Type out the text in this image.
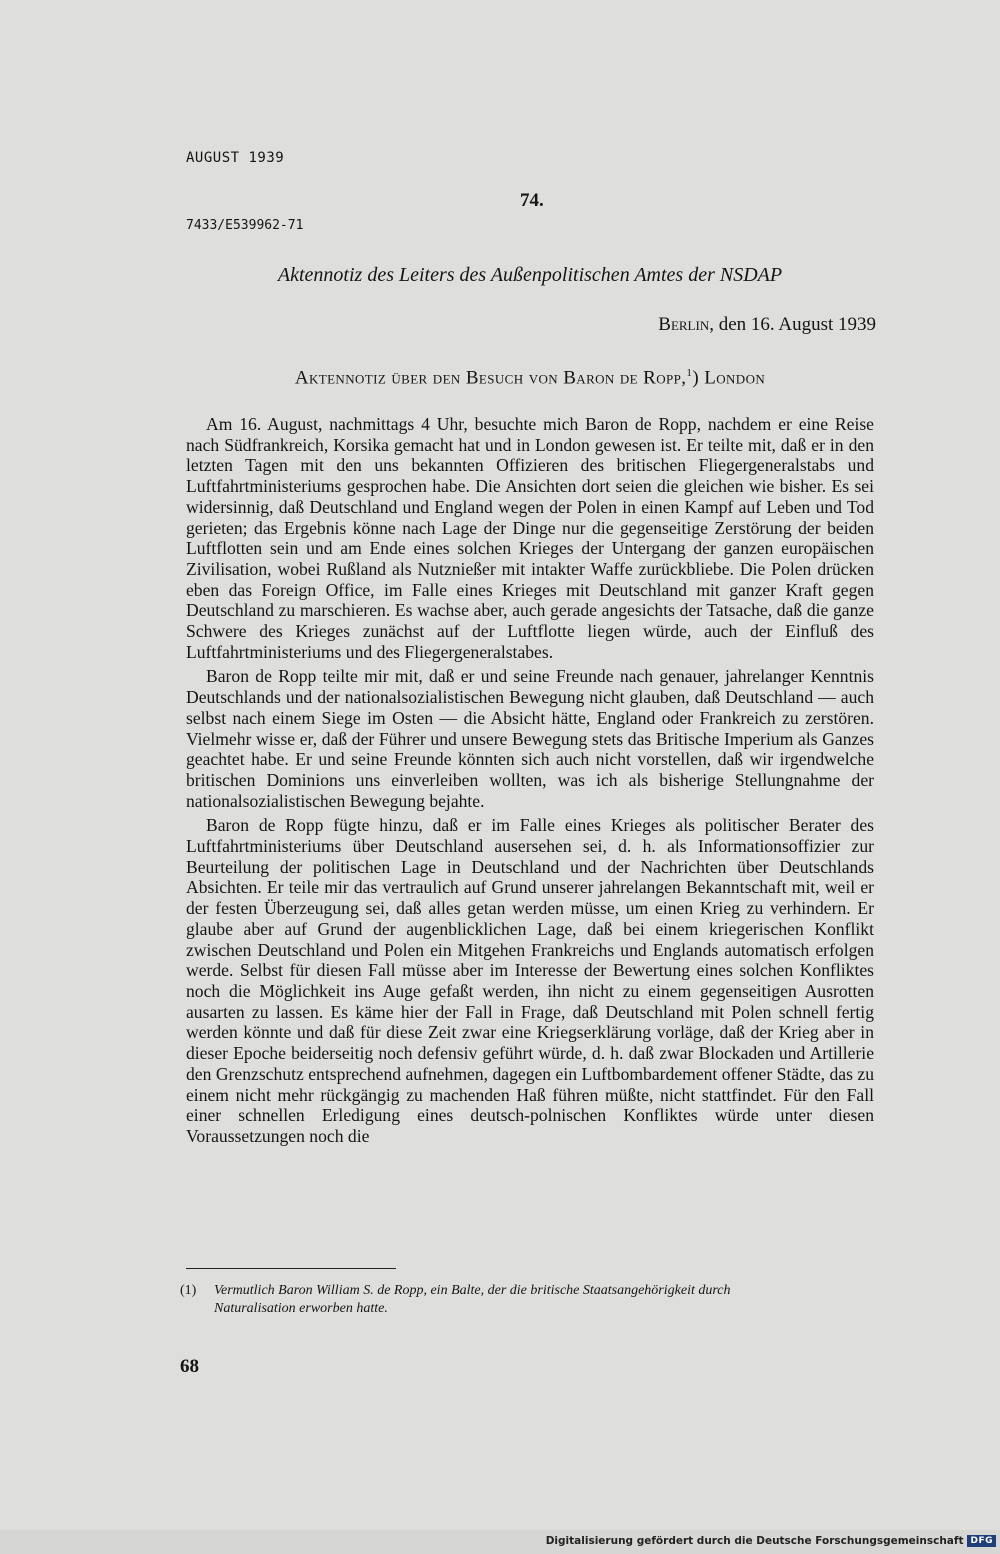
AUGUST 1939
74.
7433/E539962-71
Aktennotiz des Leiters des Außenpolitischen Amtes der NSDAP
Berlin, den 16. August 1939
Aktennotiz über den Besuch von Baron de Ropp,$^1$) London

Am 16. August, nachmittags 4 Uhr, besuchte mich Baron de Ropp, nachdem er eine Reise nach Südfrankreich, Korsika gemacht hat und in London gewesen ist. Er teilte mit, daß er in den letzten Tagen mit den uns bekannten Offizieren des britischen Fliegergeneralstabs und Luftfahrtministeriums gesprochen habe. Die Ansichten dort seien die gleichen wie bisher. Es sei widersinnig, daß Deutschland und England wegen der Polen in einen Kampf auf Leben und Tod gerieten; das Ergebnis könne nach Lage der Dinge nur die gegenseitige Zerstörung der beiden Luftflotten sein und am Ende eines solchen Krieges der Untergang der ganzen europäischen Zivilisation, wobei Rußland als Nutznießer mit intakter Waffe zurückbliebe. Die Polen drücken eben das Foreign Office, im Falle eines Krieges mit Deutschland mit ganzer Kraft gegen Deutschland zu marschieren. Es wachse aber, auch gerade angesichts der Tatsache, daß die ganze Schwere des Krieges zunächst auf der Luftflotte liegen würde, auch der Einfluß des Luftfahrtministeriums und des Fliegergeneralstabes.

Baron de Ropp teilte mir mit, daß er und seine Freunde nach genauer, jahrelanger Kenntnis Deutschlands und der nationalsozialistischen Bewegung nicht glauben, daß Deutschland — auch selbst nach einem Siege im Osten — die Absicht hätte, England oder Frankreich zu zerstören. Vielmehr wisse er, daß der Führer und unsere Bewegung stets das Britische Imperium als Ganzes geachtet habe. Er und seine Freunde könnten sich auch nicht vorstellen, daß wir irgendwelche britischen Dominions uns einverleiben wollten, was ich als bisherige Stellungnahme der nationalsozialistischen Bewegung bejahte.

Baron de Ropp fügte hinzu, daß er im Falle eines Krieges als politischer Berater des Luftfahrtministeriums über Deutschland ausersehen sei, d. h. als Informationsoffizier zur Beurteilung der politischen Lage in Deutschland und der Nachrichten über Deutschlands Absichten. Er teile mir das vertraulich auf Grund unserer jahrelangen Bekanntschaft mit, weil er der festen Überzeugung sei, daß alles getan werden müsse, um einen Krieg zu verhindern. Er glaube aber auf Grund der augenblicklichen Lage, daß bei einem kriegerischen Konflikt zwischen Deutschland und Polen ein Mitgehen Frankreichs und Englands automatisch erfolgen werde. Selbst für diesen Fall müsse aber im Interesse der Bewertung eines solchen Konfliktes noch die Möglichkeit ins Auge gefaßt werden, ihn nicht zu einem gegenseitigen Ausrotten ausarten zu lassen. Es käme hier der Fall in Frage, daß Deutschland mit Polen schnell fertig werden könnte und daß für diese Zeit zwar eine Kriegserklärung vorläge, daß der Krieg aber in dieser Epoche beiderseitig noch defensiv geführt würde, d. h. daß zwar Blockaden und Artillerie den Grenzschutz entsprechend aufnehmen, dagegen ein Luftbombardement offener Städte, das zu einem nicht mehr rückgängig zu machenden Haß führen müßte, nicht stattfindet. Für den Fall einer schnellen Erledigung eines deutsch-polnischen Konfliktes würde unter diesen Voraussetzungen noch die

(1) Vermutlich Baron William S. de Ropp, ein Balte, der die britische Staatsangehörigkeit durch
Naturalisation erworben hatte.
68
Digitalisierung gefördert durch die Deutsche Forschungsgemeinschaft DFG
